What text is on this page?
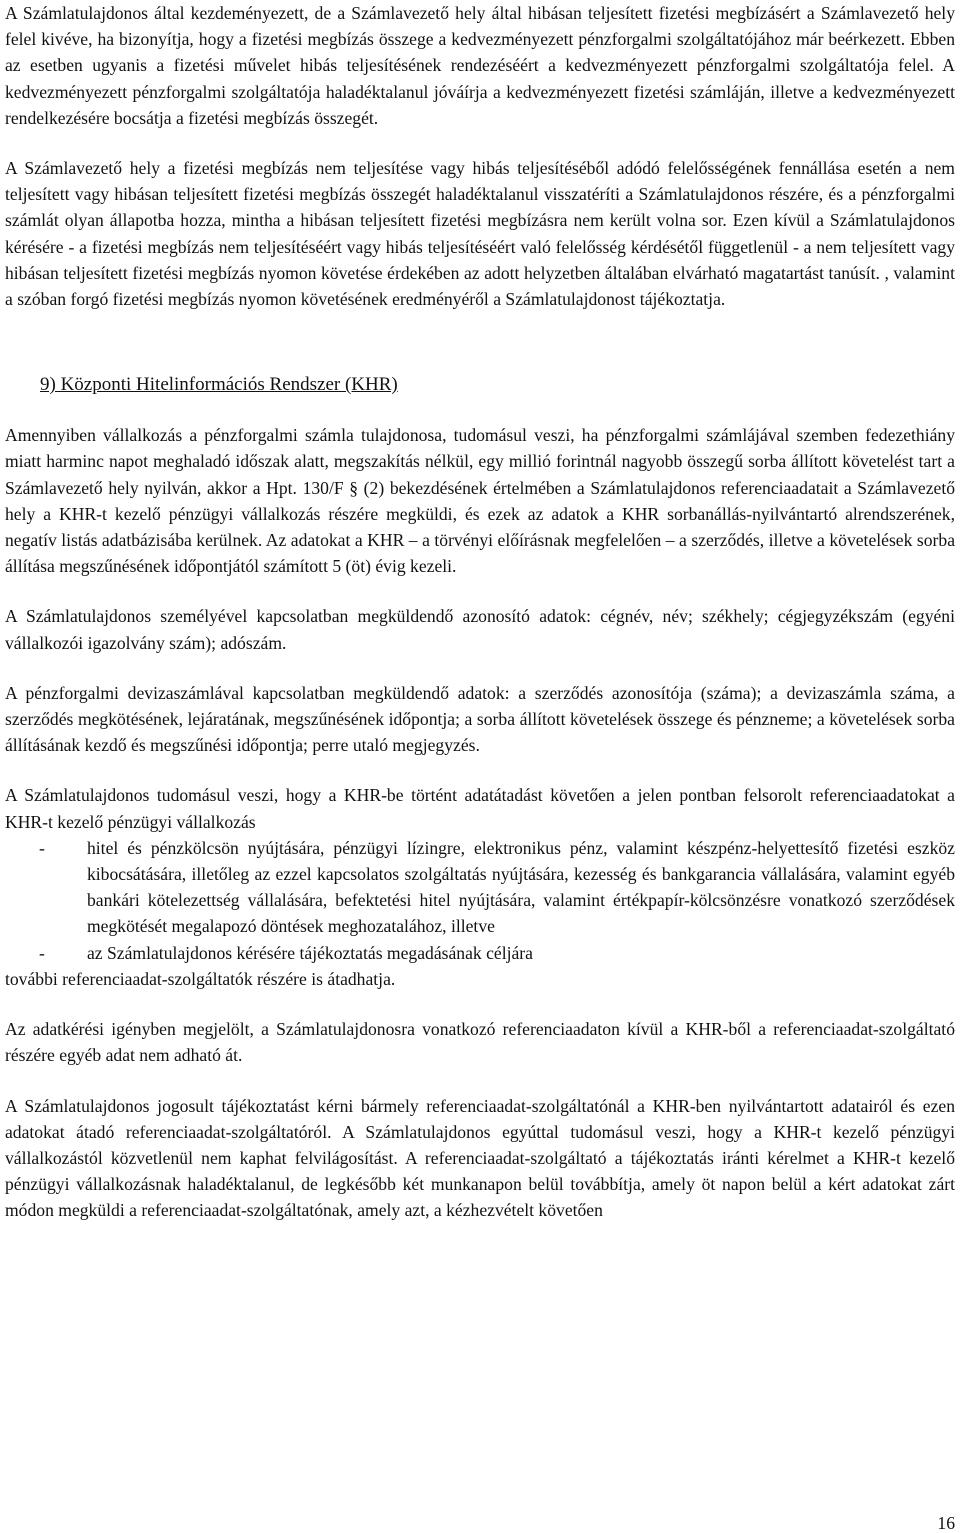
A Számlatulajdonos által kezdeményezett, de a Számlavezető hely által hibásan teljesített fizetési megbízásért a Számlavezető hely felel kivéve, ha bizonyítja, hogy a fizetési megbízás összege a kedvezményezett pénzforgalmi szolgáltatójához már beérkezett. Ebben az esetben ugyanis a fizetési művelet hibás teljesítésének rendezéséért a kedvezményezett pénzforgalmi szolgáltatója felel. A kedvezményezett pénzforgalmi szolgáltatója haladéktalanul jóváírja a kedvezményezett fizetési számláján, illetve a kedvezményezett rendelkezésére bocsátja a fizetési megbízás összegét.

A Számlavezető hely a fizetési megbízás nem teljesítése vagy hibás teljesítéséből adódó felelősségének fennállása esetén a nem teljesített vagy hibásan teljesített fizetési megbízás összegét haladéktalanul visszatéríti a Számlatulajdonos részére, és a pénzforgalmi számlát olyan állapotba hozza, mintha a hibásan teljesített fizetési megbízásra nem került volna sor. Ezen kívül a Számlatulajdonos kérésére - a fizetési megbízás nem teljesítéséért vagy hibás teljesítéséért való felelősség kérdésétől függetlenül - a nem teljesített vagy hibásan teljesített fizetési megbízás nyomon követése érdekében az adott helyzetben általában elvárható magatartást tanúsít. , valamint a szóban forgó fizetési megbízás nyomon követésének eredményéről a Számlatulajdonost tájékoztatja.

9) Központi Hitelinformációs Rendszer (KHR)

Amennyiben vállalkozás a pénzforgalmi számla tulajdonosa, tudomásul veszi, ha pénzforgalmi számlájával szemben fedezethiány miatt harminc napot meghaladó időszak alatt, megszakítás nélkül, egy millió forintnál nagyobb összegű sorba állított követelést tart a Számlavezető hely nyilván, akkor a Hpt. 130/F § (2) bekezdésének értelmében a Számlatulajdonos referenciaadatait a Számlavezető hely a KHR-t kezelő pénzügyi vállalkozás részére megküldi, és ezek az adatok a KHR sorbanállás-nyilvántartó alrendszerének, negatív listás adatbázisába kerülnek. Az adatokat a KHR – a törvényi előírásnak megfelelően – a szerződés, illetve a követelések sorba állítása megszűnésének időpontjától számított 5 (öt) évig kezeli.

A Számlatulajdonos személyével kapcsolatban megküldendő azonosító adatok: cégnév, név; székhely; cégjegyzékszám (egyéni vállalkozói igazolvány szám); adószám.

A pénzforgalmi devizaszámlával kapcsolatban megküldendő adatok: a szerződés azonosítója (száma); a devizaszámla száma, a szerződés megkötésének, lejáratának, megszűnésének időpontja; a sorba állított követelések összege és pénzneme; a követelések sorba állításának kezdő és megszűnési időpontja; perre utaló megjegyzés.

A Számlatulajdonos tudomásul veszi, hogy a KHR-be történt adatátadást követően a jelen pontban felsorolt referenciaadatokat a KHR-t kezelő pénzügyi vállalkozás

- hitel és pénzkölcsön nyújtására, pénzügyi lízingre, elektronikus pénz, valamint készpénz-helyettesítő fizetési eszköz kibocsátására, illetőleg az ezzel kapcsolatos szolgáltatás nyújtására, kezesség és bankgarancia vállalására, valamint egyéb bankári kötelezettség vállalására, befektetési hitel nyújtására, valamint értékpapír-kölcsönzésre vonatkozó szerződések megkötését megalapozó döntések meghozatalához, illetve
- az Számlatulajdonos kérésére tájékoztatás megadásának céljára

további referenciaadat-szolgáltatók részére is átadhatja.

Az adatkérési igényben megjelölt, a Számlatulajdonosra vonatkozó referenciaadaton kívül a KHR-ből a referenciaadat-szolgáltató részére egyéb adat nem adható át.

A Számlatulajdonos jogosult tájékoztatást kérni bármely referenciaadat-szolgáltatónál a KHR-ben nyilvántartott adatairól és ezen adatokat átadó referenciaadat-szolgáltatóról. A Számlatulajdonos egyúttal tudomásul veszi, hogy a KHR-t kezelő pénzügyi vállalkozástól közvetlenül nem kaphat felvilágosítást. A referenciaadat-szolgáltató a tájékoztatás iránti kérelmet a KHR-t kezelő pénzügyi vállalkozásnak haladéktalanul, de legkésőbb két munkanapon belül továbbítja, amely öt napon belül a kért adatokat zárt módon megküldi a referenciaadat-szolgáltatónak, amely azt, a kézhezvételt követően

16
